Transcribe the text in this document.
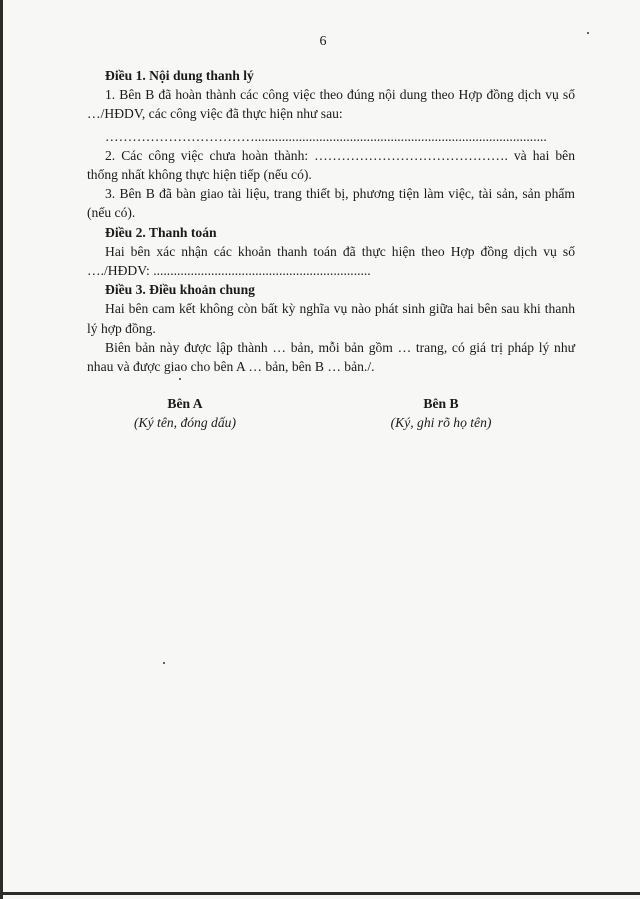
6

Điều 1. Nội dung thanh lý

1. Bên B đã hoàn thành các công việc theo đúng nội dung theo Hợp đồng dịch vụ số …/HĐDV, các công việc đã thực hiện như sau:

……………………………......................................................................................

2. Các công việc chưa hoàn thành: ……………………………………. và hai bên thống nhất không thực hiện tiếp (nếu có).

3. Bên B đã bàn giao tài liệu, trang thiết bị, phương tiện làm việc, tài sản, sản phẩm (nếu có).

Điều 2. Thanh toán

Hai bên xác nhận các khoản thanh toán đã thực hiện theo Hợp đồng dịch vụ số …./HĐDV: ................................................................

Điều 3. Điều khoản chung

Hai bên cam kết không còn bất kỳ nghĩa vụ nào phát sinh giữa hai bên sau khi thanh lý hợp đồng.

Biên bản này được lập thành … bản, mỗi bản gồm … trang, có giá trị pháp lý như nhau và được giao cho bên A … bản, bên B … bản./.

Bên A
(Ký tên, đóng dấu)
Bên B
(Ký, ghi rõ họ tên)
